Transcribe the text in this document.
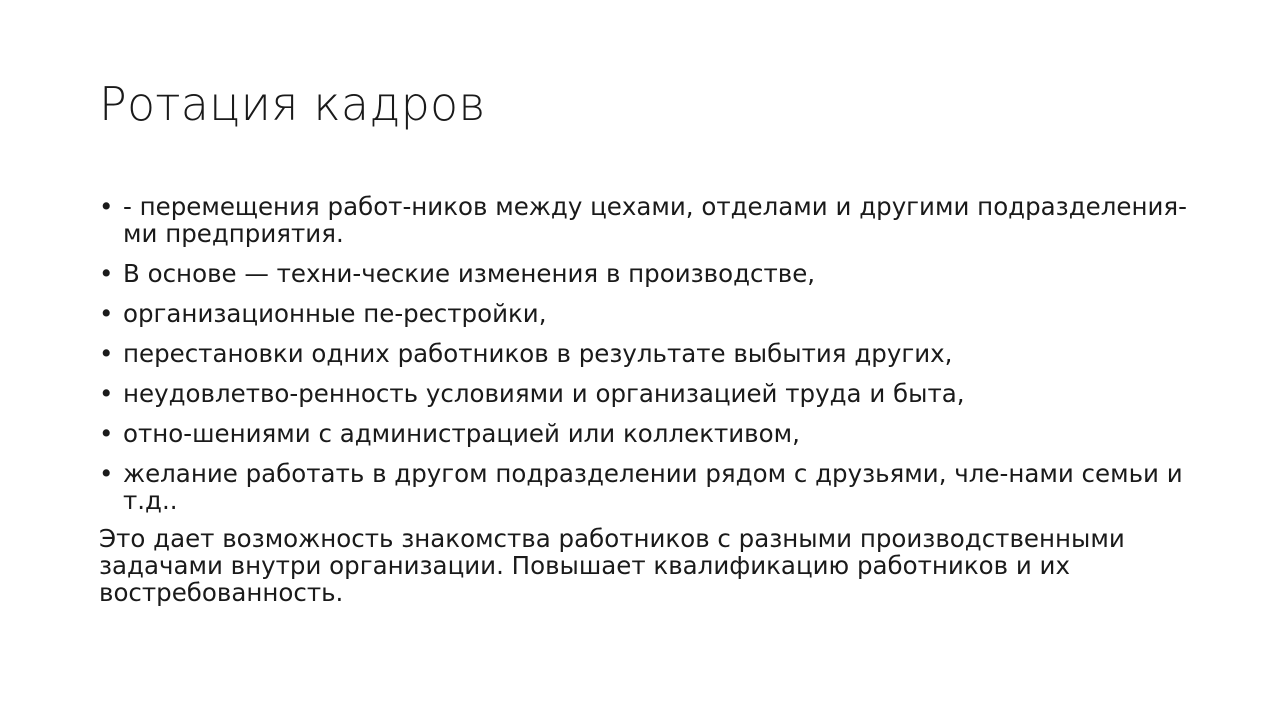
Ротация кадров
• - перемещения работ-ников между цехами, отделами и другими подразделения-ми предприятия.
• В основе — техни-ческие изменения в производстве,
• организационные пе-рестройки,
• перестановки одних работников в результате выбытия других,
• неудовлетво-ренность условиями и организацией труда и быта,
• отно-шениями с администрацией или коллективом,
• желание работать в другом подразделении рядом с друзьями, чле-нами семьи и т.д..

Это дает возможность знакомства работников с разными производственными задачами внутри организации. Повышает квалификацию работников и их востребованность.
